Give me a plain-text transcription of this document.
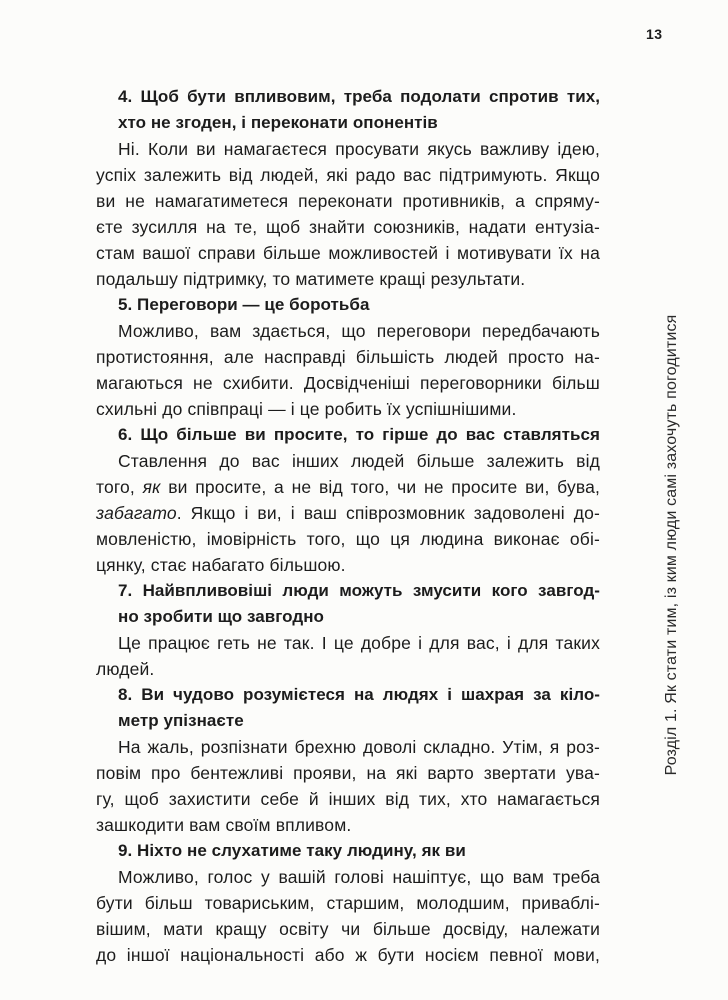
13
Розділ 1. Як стати тим, із ким люди самі захочуть погодитися
4. Щоб бути впливовим, треба подолати спротив тих,
хто не згоден, і переконати опонентів
Ні. Коли ви намагаєтеся просувати якусь важливу ідею,
успіх залежить від людей, які радо вас підтримують. Якщо
ви не намагатиметеся переконати противників, а спряму-
єте зусилля на те, щоб знайти союзників, надати ентузіа-
стам вашої справи більше можливостей і мотивувати їх на
подальшу підтримку, то матимете кращі результати.
5. Переговори — це боротьба
Можливо, вам здається, що переговори передбачають
протистояння, але насправді більшість людей просто на-
магаються не схибити. Досвідченіші переговорники більш
схильні до співпраці — і це робить їх успішнішими.
6. Що більше ви просите, то гірше до вас ставляться
Ставлення до вас інших людей більше залежить від
того, як ви просите, а не від того, чи не просите ви, бува,
забагато. Якщо і ви, і ваш співрозмовник задоволені до-
мовленістю, імовірність того, що ця людина виконає обі-
цянку, стає набагато більшою.
7. Найвпливовіші люди можуть змусити кого завгод-
но зробити що завгодно
Це працює геть не так. І це добре і для вас, і для таких
людей.
8. Ви чудово розумієтеся на людях і шахрая за кіло-
метр упізнаєте
На жаль, розпізнати брехню доволі складно. Утім, я роз-
повім про бентежливі прояви, на які варто звертати ува-
гу, щоб захистити себе й інших від тих, хто намагається
зашкодити вам своїм впливом.
9. Ніхто не слухатиме таку людину, як ви
Можливо, голос у вашій голові нашіптує, що вам треба
бути більш товариським, старшим, молодшим, приваблі-
вішим, мати кращу освіту чи більше досвіду, належати
до іншої національності або ж бути носієм певної мови,
